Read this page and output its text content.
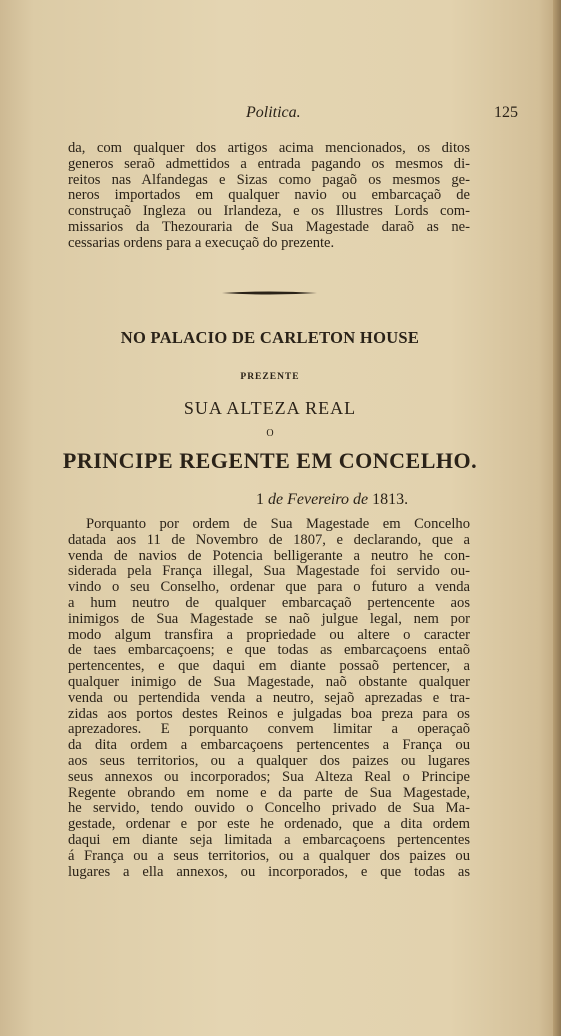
Politica.	125
da, com qualquer dos artigos acima mencionados, os ditos
generos seraõ admettidos a entrada pagando os mesmos di-
reitos nas Alfandegas e Sizas como pagaõ os mesmos ge-
neros importados em qualquer navio ou embarcaçaõ de
construçaõ Ingleza ou Irlandeza, e os Illustres Lords com-
missarios da Thezouraria de Sua Magestade daraõ as ne-
cessarias ordens para a execuçaõ do prezente.
NO PALACIO DE CARLETON HOUSE
PREZENTE
SUA ALTEZA REAL
O
PRINCIPE REGENTE EM CONCELHO.
1 de Fevereiro de 1813.
Porquanto por ordem de Sua Magestade em Concelho
datada aos 11 de Novembro de 1807, e declarando, que a
venda de navios de Potencia belligerante a neutro he con-
siderada pela França illegal, Sua Magestade foi servido ou-
vindo o seu Conselho, ordenar que para o futuro a venda
a hum neutro de qualquer embarcaçaõ pertencente aos
inimigos de Sua Magestade se naõ julgue legal, nem por
modo algum transfira a propriedade ou altere o caracter
de taes embarcaçoens; e que todas as embarcaçoens entaõ
pertencentes, e que daqui em diante possaõ pertencer, a
qualquer inimigo de Sua Magestade, naõ obstante qualquer
venda ou pertendida venda a neutro, sejaõ aprezadas e tra-
zidas aos portos destes Reinos e julgadas boa preza para os
aprezadores. E porquanto convem limitar a operaçaõ
da dita ordem a embarcaçoens pertencentes a França ou
aos seus territorios, ou a qualquer dos paizes ou lugares
seus annexos ou incorporados; Sua Alteza Real o Principe
Regente obrando em nome e da parte de Sua Magestade,
he servido, tendo ouvido o Concelho privado de Sua Ma-
gestade, ordenar e por este he ordenado, que a dita ordem
daqui em diante seja limitada a embarcaçoens pertencentes
á França ou a seus territorios, ou a qualquer dos paizes ou
lugares a ella annexos, ou incorporados, e que todas as
